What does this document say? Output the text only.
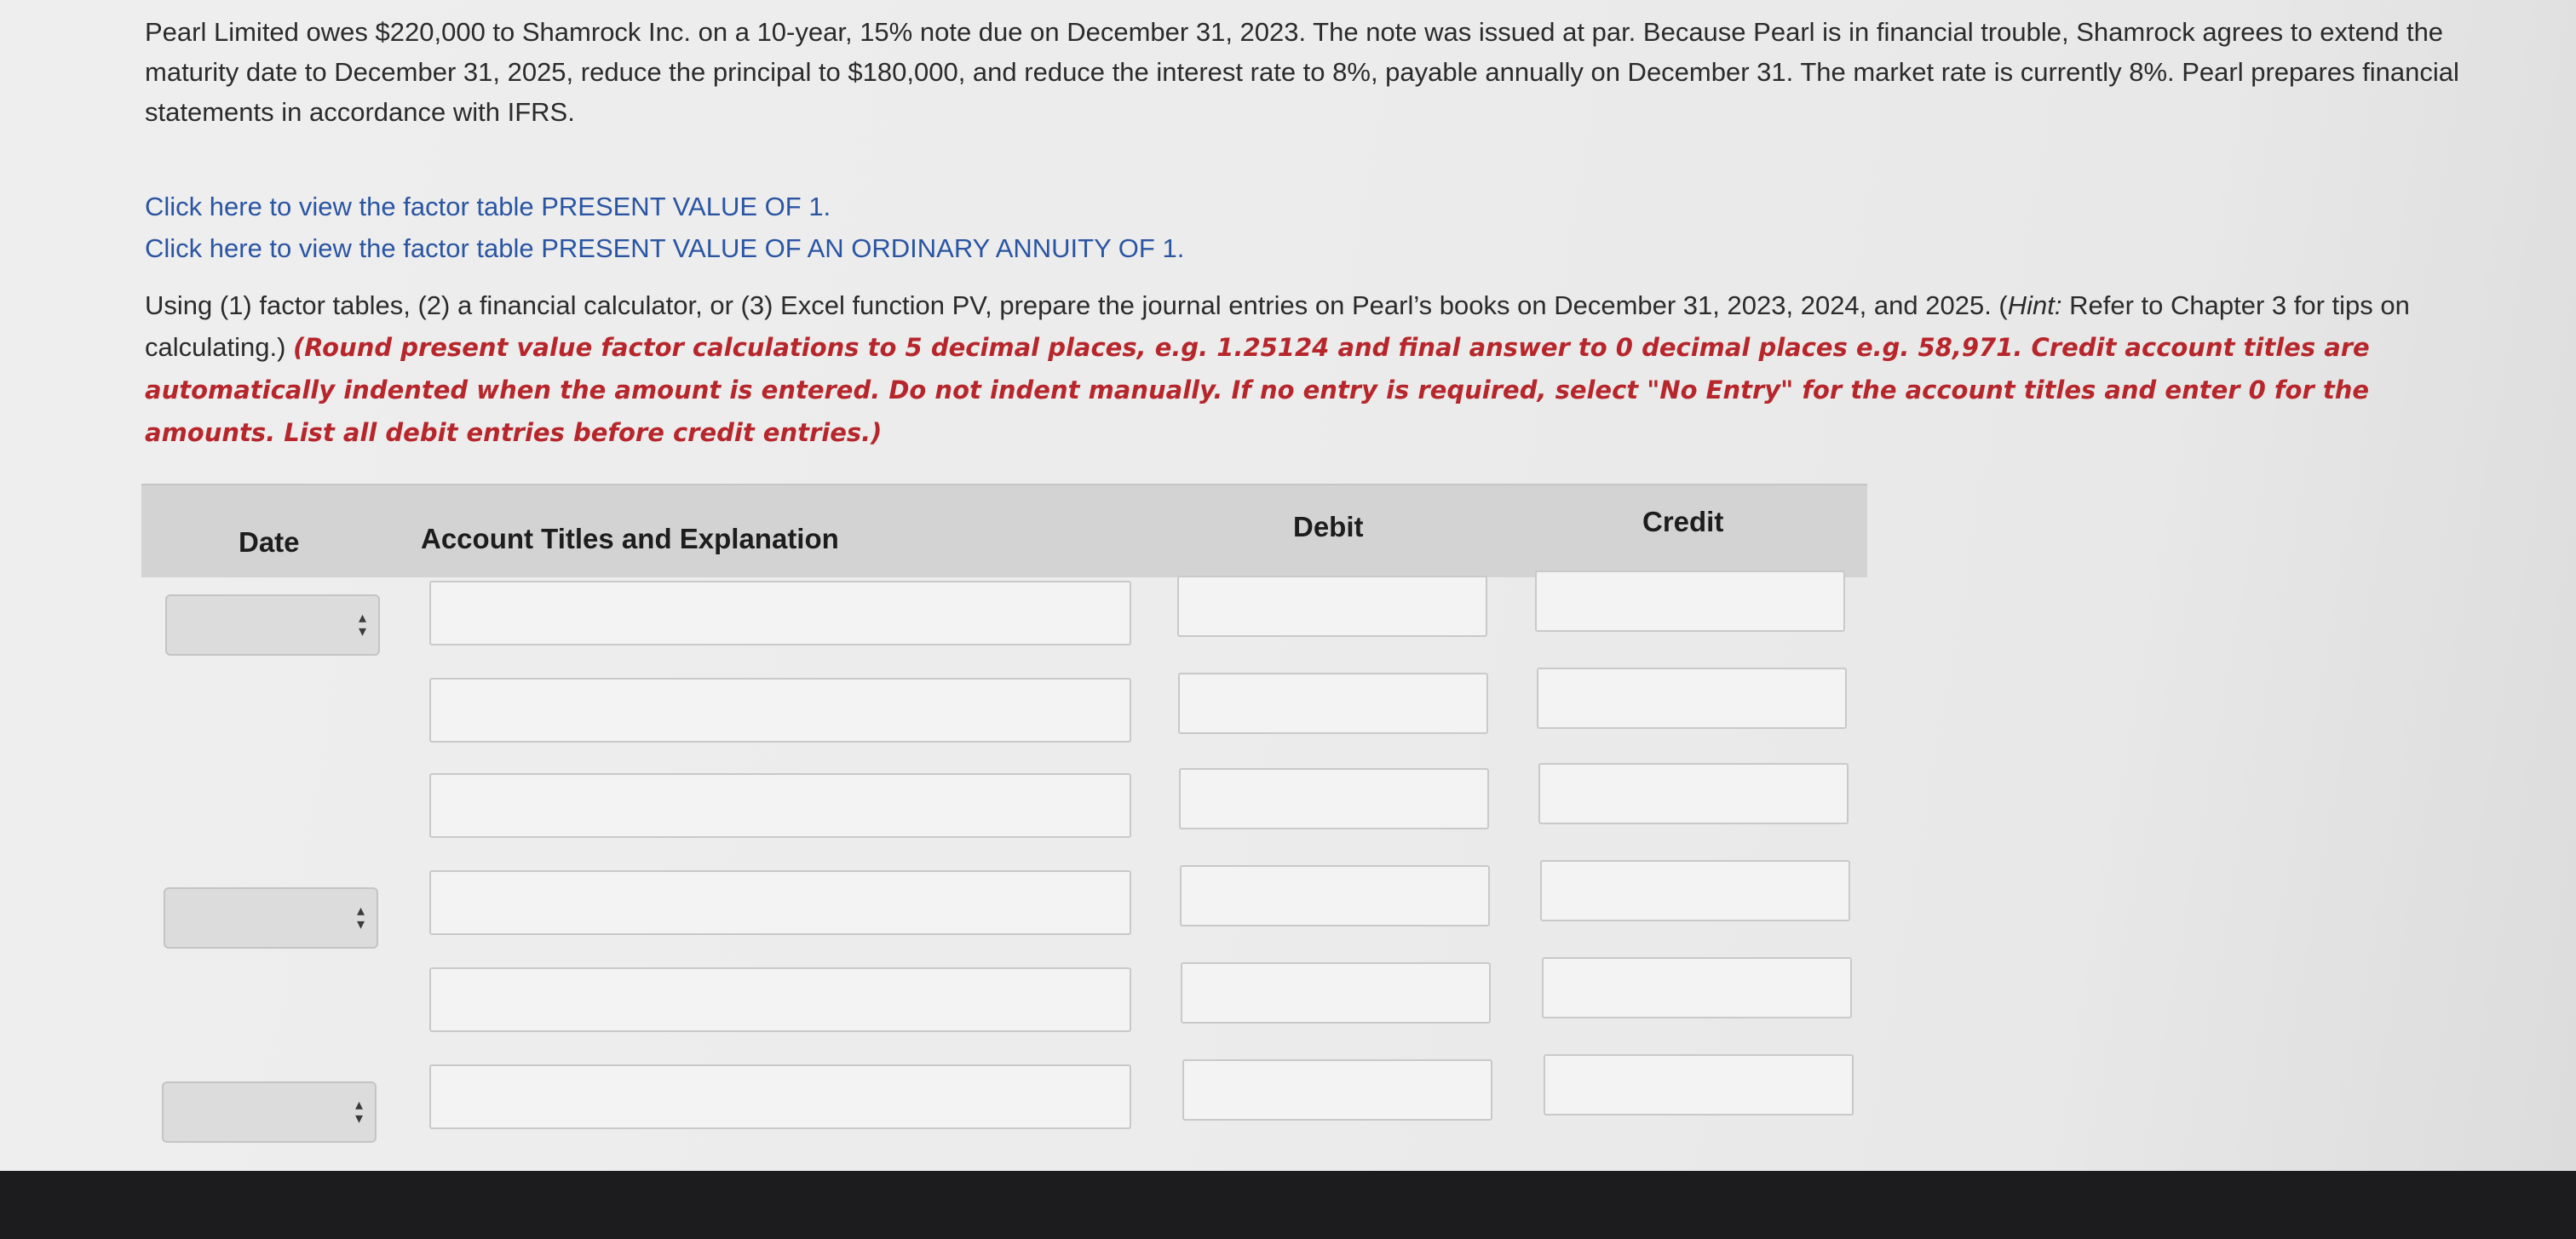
Pearl Limited owes $220,000 to Shamrock Inc. on a 10-year, 15% note due on December 31, 2023. The note was issued at par. Because Pearl is in financial trouble, Shamrock agrees to extend the maturity date to December 31, 2025, reduce the principal to $180,000, and reduce the interest rate to 8%, payable annually on December 31. The market rate is currently 8%. Pearl prepares financial statements in accordance with IFRS.
Click here to view the factor table PRESENT VALUE OF 1.
Click here to view the factor table PRESENT VALUE OF AN ORDINARY ANNUITY OF 1.
Using (1) factor tables, (2) a financial calculator, or (3) Excel function PV, prepare the journal entries on Pearl’s books on December 31, 2023, 2024, and 2025. (Hint: Refer to Chapter 3 for tips on calculating.) (Round present value factor calculations to 5 decimal places, e.g. 1.25124 and final answer to 0 decimal places e.g. 58,971. Credit account titles are automatically indented when the amount is entered. Do not indent manually. If no entry is required, select "No Entry" for the account titles and enter 0 for the amounts. List all debit entries before credit entries.)
Date	Account Titles and Explanation	Debit	Credit
▴
▾
▴
▾
▴
▾
